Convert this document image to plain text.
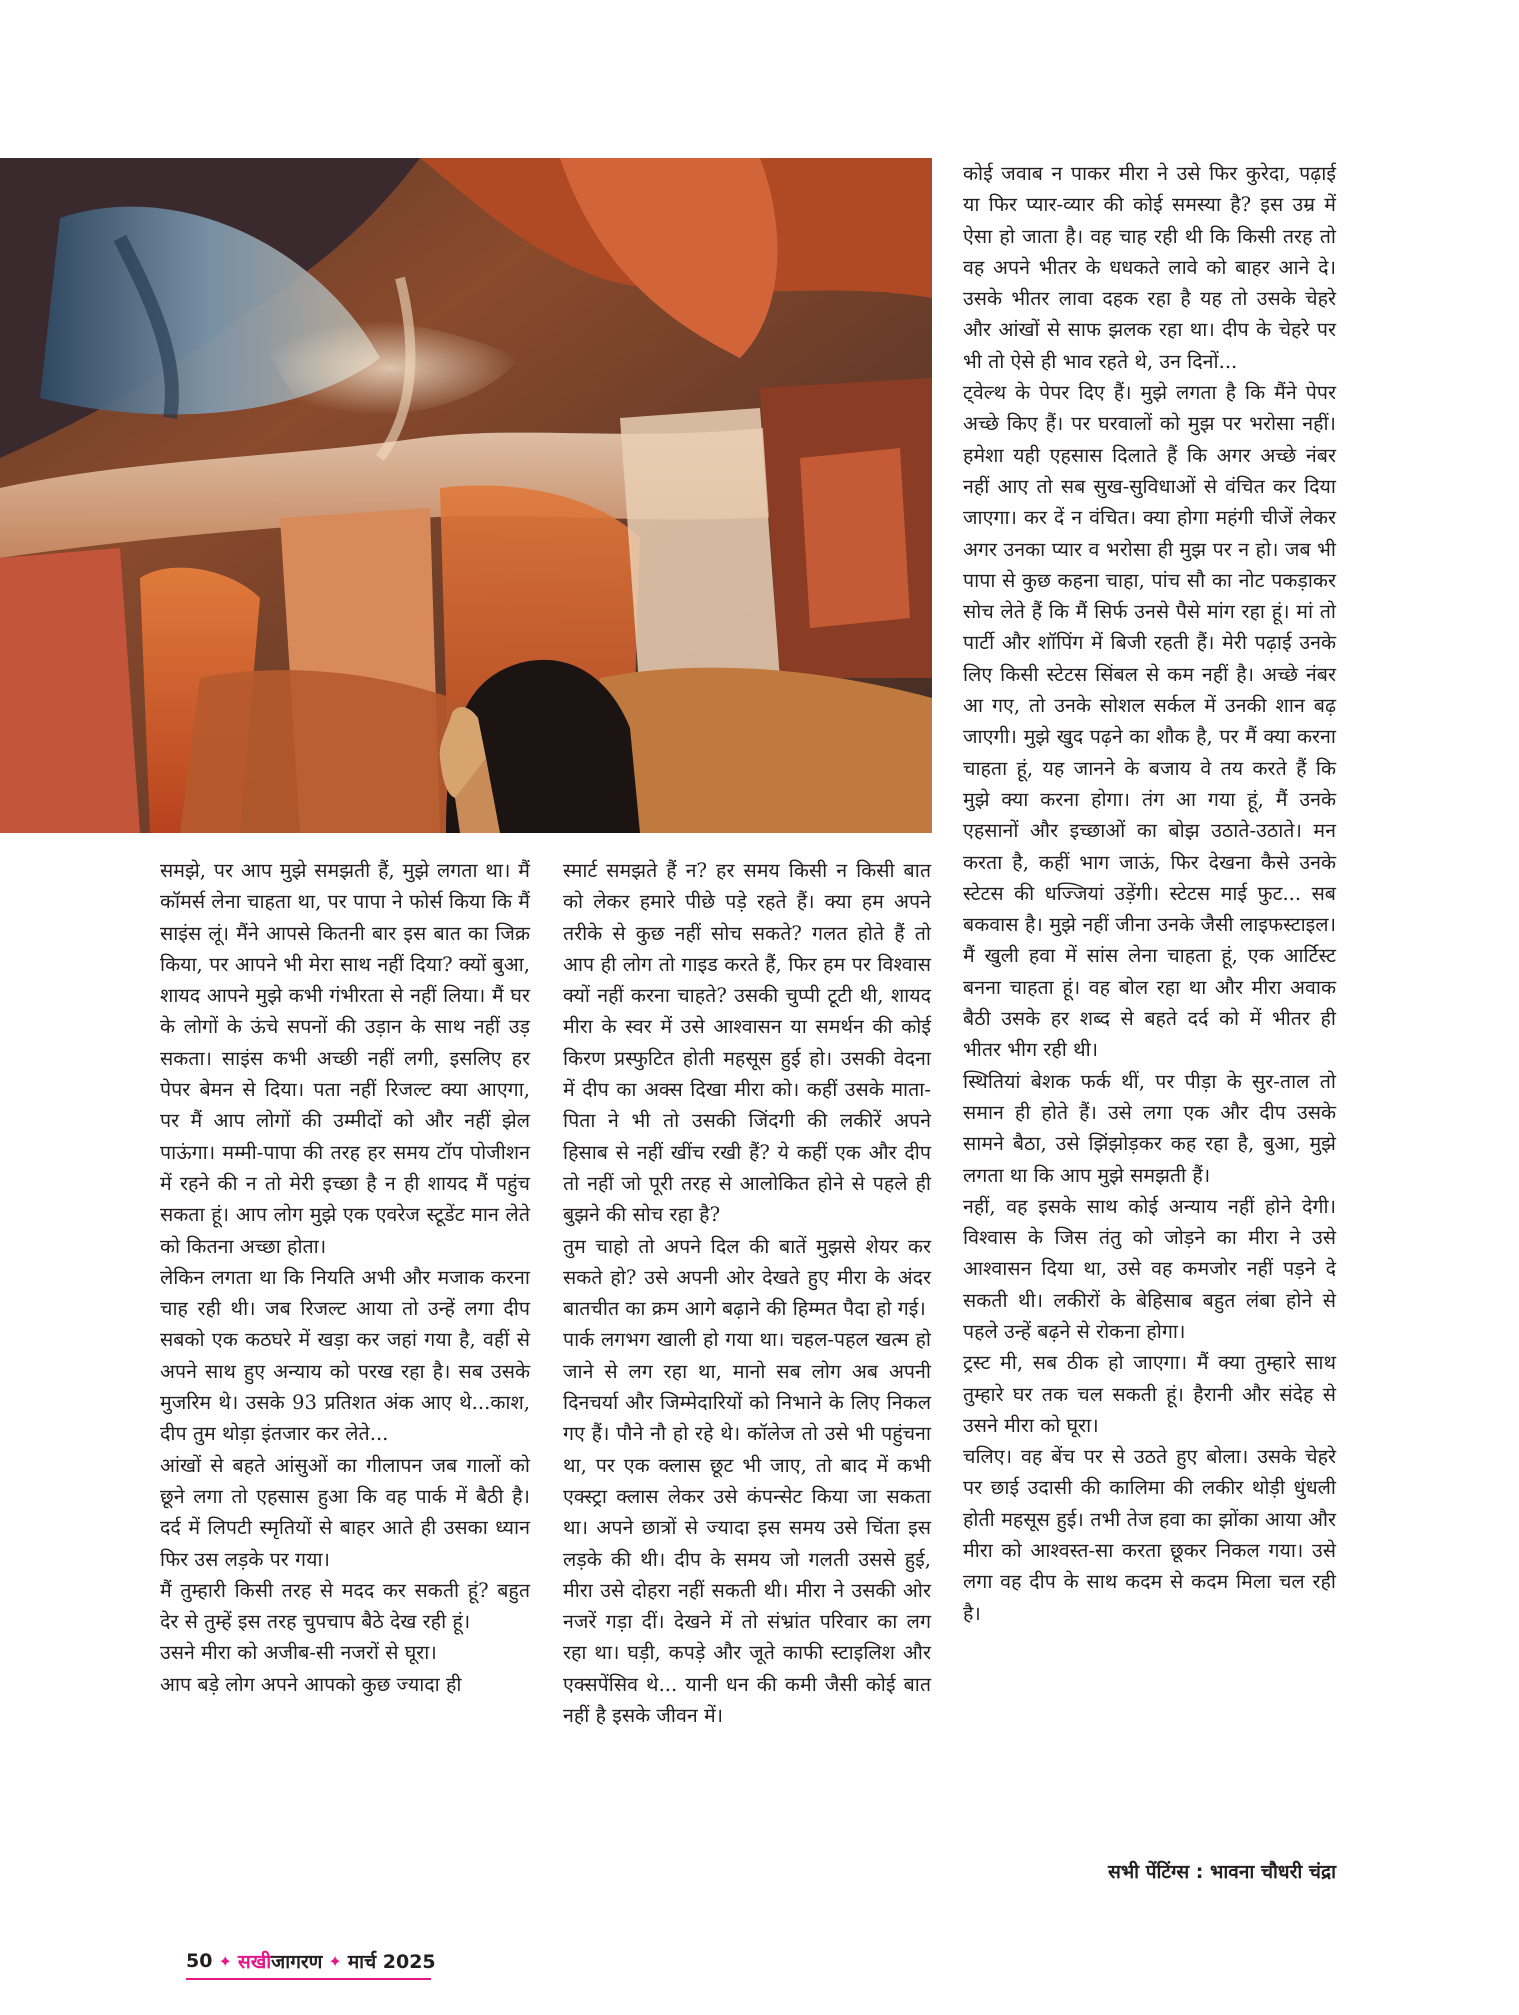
समझे, पर आप मुझे समझती हैं, मुझे लगता था। मैं कॉमर्स लेना चाहता था, पर पापा ने फोर्स किया कि मैं साइंस लूं। मैंने आपसे कितनी बार इस बात का जिक्र किया, पर आपने भी मेरा साथ नहीं दिया? क्यों बुआ, शायद आपने मुझे कभी गंभीरता से नहीं लिया। मैं घर के लोगों के ऊंचे सपनों की उड़ान के साथ नहीं उड़ सकता। साइंस कभी अच्छी नहीं लगी, इसलिए हर पेपर बेमन से दिया। पता नहीं रिजल्ट क्या आएगा, पर मैं आप लोगों की उम्मीदों को और नहीं झेल पाऊंगा। मम्मी-पापा की तरह हर समय टॉप पोजीशन में रहने की न तो मेरी इच्छा है न ही शायद मैं पहुंच सकता हूं। आप लोग मुझे एक एवरेज स्टूडेंट मान लेते को कितना अच्छा होता।

लेकिन लगता था कि नियति अभी और मजाक करना चाह रही थी। जब रिजल्ट आया तो उन्हें लगा दीप सबको एक कठघरे में खड़ा कर जहां गया है, वहीं से अपने साथ हुए अन्याय को परख रहा है। सब उसके मुजरिम थे। उसके 93 प्रतिशत अंक आए थे...काश, दीप तुम थोड़ा इंतजार कर लेते...

आंखों से बहते आंसुओं का गीलापन जब गालों को छूने लगा तो एहसास हुआ कि वह पार्क में बैठी है। दर्द में लिपटी स्मृतियों से बाहर आते ही उसका ध्यान फिर उस लड़के पर गया।

मैं तुम्हारी किसी तरह से मदद कर सकती हूं? बहुत देर से तुम्हें इस तरह चुपचाप बैठे देख रही हूं।

उसने मीरा को अजीब-सी नजरों से घूरा।

आप बड़े लोग अपने आपको कुछ ज्यादा ही

स्मार्ट समझते हैं न? हर समय किसी न किसी बात को लेकर हमारे पीछे पड़े रहते हैं। क्या हम अपने तरीके से कुछ नहीं सोच सकते? गलत होते हैं तो आप ही लोग तो गाइड करते हैं, फिर हम पर विश्वास क्यों नहीं करना चाहते? उसकी चुप्पी टूटी थी, शायद मीरा के स्वर में उसे आश्वासन या समर्थन की कोई किरण प्रस्फुटित होती महसूस हुई हो। उसकी वेदना में दीप का अक्स दिखा मीरा को। कहीं उसके माता-पिता ने भी तो उसकी जिंदगी की लकीरें अपने हिसाब से नहीं खींच रखी हैं? ये कहीं एक और दीप तो नहीं जो पूरी तरह से आलोकित होने से पहले ही बुझने की सोच रहा है?

तुम चाहो तो अपने दिल की बातें मुझसे शेयर कर सकते हो? उसे अपनी ओर देखते हुए मीरा के अंदर बातचीत का क्रम आगे बढ़ाने की हिम्मत पैदा हो गई।

पार्क लगभग खाली हो गया था। चहल-पहल खत्म हो जाने से लग रहा था, मानो सब लोग अब अपनी दिनचर्या और जिम्मेदारियों को निभाने के लिए निकल गए हैं। पौने नौ हो रहे थे। कॉलेज तो उसे भी पहुंचना था, पर एक क्लास छूट भी जाए, तो बाद में कभी एक्स्ट्रा क्लास लेकर उसे कंपन्सेट किया जा सकता था। अपने छात्रों से ज्यादा इस समय उसे चिंता इस लड़के की थी। दीप के समय जो गलती उससे हुई, मीरा उसे दोहरा नहीं सकती थी। मीरा ने उसकी ओर नजरें गड़ा दीं। देखने में तो संभ्रांत परिवार का लग रहा था। घड़ी, कपड़े और जूते काफी स्टाइलिश और एक्सपेंसिव थे... यानी धन की कमी जैसी कोई बात नहीं है इसके जीवन में।

कोई जवाब न पाकर मीरा ने उसे फिर कुरेदा, पढ़ाई या फिर प्यार-व्यार की कोई समस्या है? इस उम्र में ऐसा हो जाता है। वह चाह रही थी कि किसी तरह तो वह अपने भीतर के धधकते लावे को बाहर आने दे। उसके भीतर लावा दहक रहा है यह तो उसके चेहरे और आंखों से साफ झलक रहा था। दीप के चेहरे पर भी तो ऐसे ही भाव रहते थे, उन दिनों...

ट्वेल्थ के पेपर दिए हैं। मुझे लगता है कि मैंने पेपर अच्छे किए हैं। पर घरवालों को मुझ पर भरोसा नहीं। हमेशा यही एहसास दिलाते हैं कि अगर अच्छे नंबर नहीं आए तो सब सुख-सुविधाओं से वंचित कर दिया जाएगा। कर दें न वंचित। क्या होगा महंगी चीजें लेकर अगर उनका प्यार व भरोसा ही मुझ पर न हो। जब भी पापा से कुछ कहना चाहा, पांच सौ का नोट पकड़ाकर सोच लेते हैं कि मैं सिर्फ उनसे पैसे मांग रहा हूं। मां तो पार्टी और शॉपिंग में बिजी रहती हैं। मेरी पढ़ाई उनके लिए किसी स्टेटस सिंबल से कम नहीं है। अच्छे नंबर आ गए, तो उनके सोशल सर्कल में उनकी शान बढ़ जाएगी। मुझे खुद पढ़ने का शौक है, पर मैं क्या करना चाहता हूं, यह जानने के बजाय वे तय करते हैं कि मुझे क्या करना होगा। तंग आ गया हूं, मैं उनके एहसानों और इच्छाओं का बोझ उठाते-उठाते। मन करता है, कहीं भाग जाऊं, फिर देखना कैसे उनके स्टेटस की धज्जियां उड़ेंगी। स्टेटस माई फुट... सब बकवास है। मुझे नहीं जीना उनके जैसी लाइफस्टाइल। मैं खुली हवा में सांस लेना चाहता हूं, एक आर्टिस्ट बनना चाहता हूं। वह बोल रहा था और मीरा अवाक बैठी उसके हर शब्द से बहते दर्द को में भीतर ही भीतर भीग रही थी।

स्थितियां बेशक फर्क थीं, पर पीड़ा के सुर-ताल तो समान ही होते हैं। उसे लगा एक और दीप उसके सामने बैठा, उसे झिंझोड़कर कह रहा है, बुआ, मुझे लगता था कि आप मुझे समझती हैं।

नहीं, वह इसके साथ कोई अन्याय नहीं होने देगी। विश्वास के जिस तंतु को जोड़ने का मीरा ने उसे आश्वासन दिया था, उसे वह कमजोर नहीं पड़ने दे सकती थी। लकीरों के बेहिसाब बहुत लंबा होने से पहले उन्हें बढ़ने से रोकना होगा।

ट्रस्ट मी, सब ठीक हो जाएगा। मैं क्या तुम्हारे साथ तुम्हारे घर तक चल सकती हूं। हैरानी और संदेह से उसने मीरा को घूरा।

चलिए। वह बेंच पर से उठते हुए बोला। उसके चेहरे पर छाई उदासी की कालिमा की लकीर थोड़ी धुंधली होती महसूस हुई। तभी तेज हवा का झोंका आया और मीरा को आश्वस्त-सा करता छूकर निकल गया। उसे लगा वह दीप के साथ कदम से कदम मिला चल रही है।

सभी पेंटिंग्स : भावना चौधरी चंद्रा
50 ✦ सखीजागरण ✦ मार्च 2025
